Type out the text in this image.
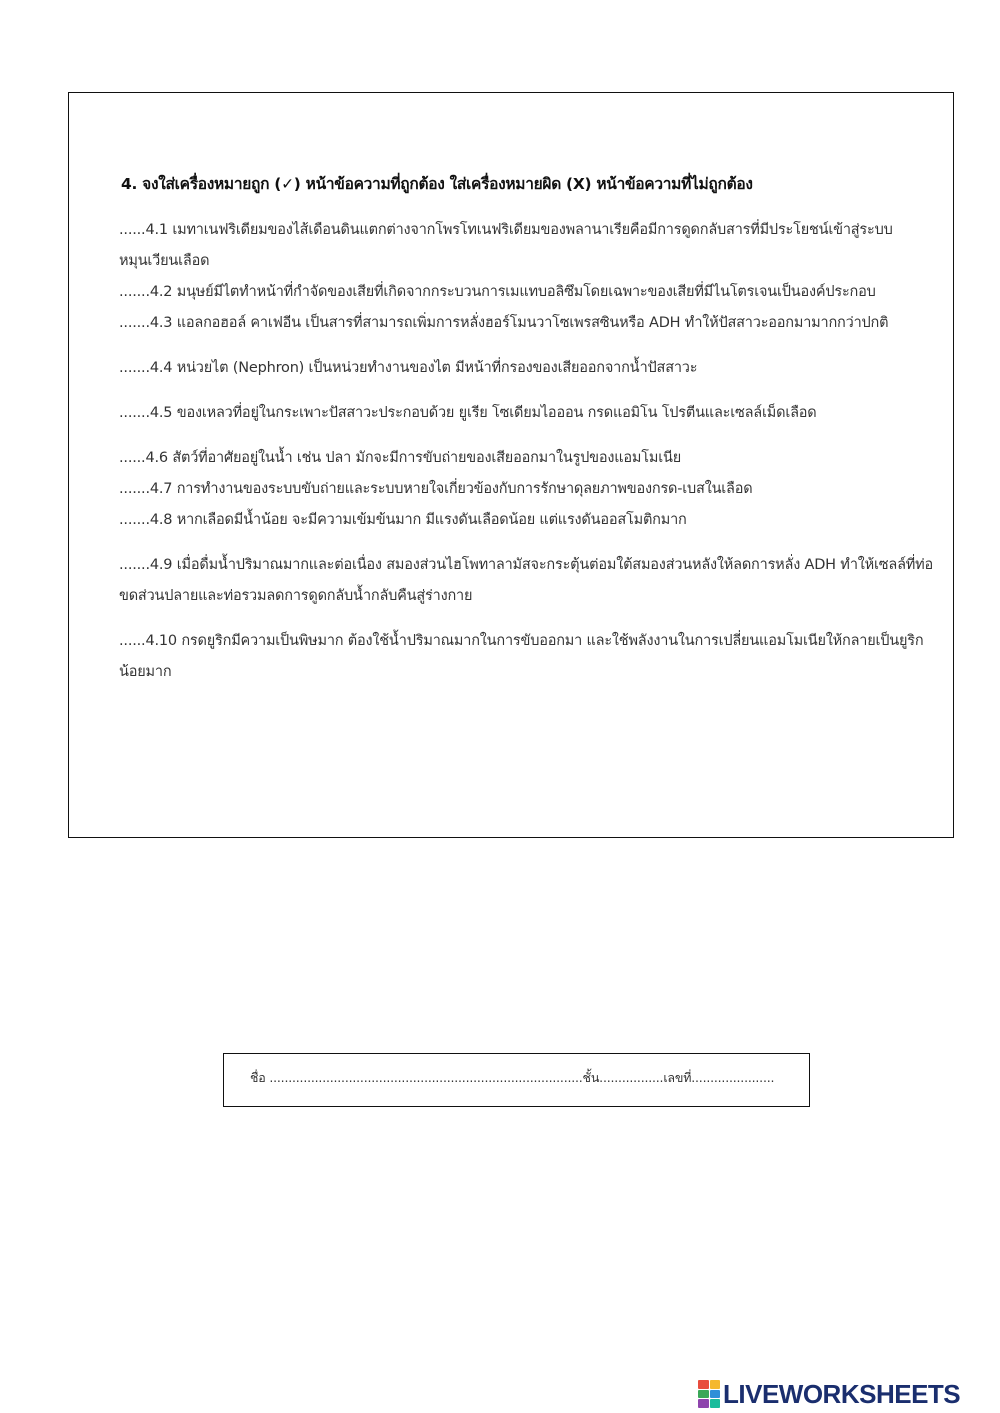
4. จงใส่เครื่องหมายถูก (✓) หน้าข้อความที่ถูกต้อง ใส่เครื่องหมายผิด (X) หน้าข้อความที่ไม่ถูกต้อง
......4.1 เมทาเนฟริเดียมของไส้เดือนดินแตกต่างจากโพรโทเนฟริเดียมของพลานาเรียคือมีการดูดกลับสารที่มีประโยชน์เข้าสู่ระบบหมุนเวียนเลือด
.......4.2 มนุษย์มีไตทำหน้าที่กำจัดของเสียที่เกิดจากกระบวนการเมแทบอลิซึมโดยเฉพาะของเสียที่มีไนโตรเจนเป็นองค์ประกอบ
.......4.3 แอลกอฮอล์ คาเฟอีน เป็นสารที่สามารถเพิ่มการหลั่งฮอร์โมนวาโซเพรสซินหรือ ADH ทำให้ปัสสาวะออกมามากกว่าปกติ
.......4.4 หน่วยไต (Nephron) เป็นหน่วยทำงานของไต มีหน้าที่กรองของเสียออกจากน้ำปัสสาวะ
.......4.5 ของเหลวที่อยู่ในกระเพาะปัสสาวะประกอบด้วย ยูเรีย โซเดียมไอออน กรดแอมิโน โปรตีนและเซลล์เม็ดเลือด
......4.6 สัตว์ที่อาศัยอยู่ในน้ำ เช่น ปลา มักจะมีการขับถ่ายของเสียออกมาในรูปของแอมโมเนีย
.......4.7 การทำงานของระบบขับถ่ายและระบบหายใจเกี่ยวข้องกับการรักษาดุลยภาพของกรด-เบสในเลือด
.......4.8 หากเลือดมีน้ำน้อย จะมีความเข้มข้นมาก มีแรงดันเลือดน้อย แต่แรงดันออสโมติกมาก
.......4.9 เมื่อดื่มน้ำปริมาณมากและต่อเนื่อง สมองส่วนไฮโพทาลามัสจะกระตุ้นต่อมใต้สมองส่วนหลังให้ลดการหลั่ง ADH ทำให้เซลล์ที่ท่อขดส่วนปลายและท่อรวมลดการดูดกลับน้ำกลับคืนสู่ร่างกาย
......4.10 กรดยูริกมีความเป็นพิษมาก ต้องใช้น้ำปริมาณมากในการขับออกมา และใช้พลังงานในการเปลี่ยนแอมโมเนียให้กลายเป็นยูริกน้อยมาก
ชื่อ ...................................................................................ชั้น.................เลขที่......................
LIVEWORKSHEETS
